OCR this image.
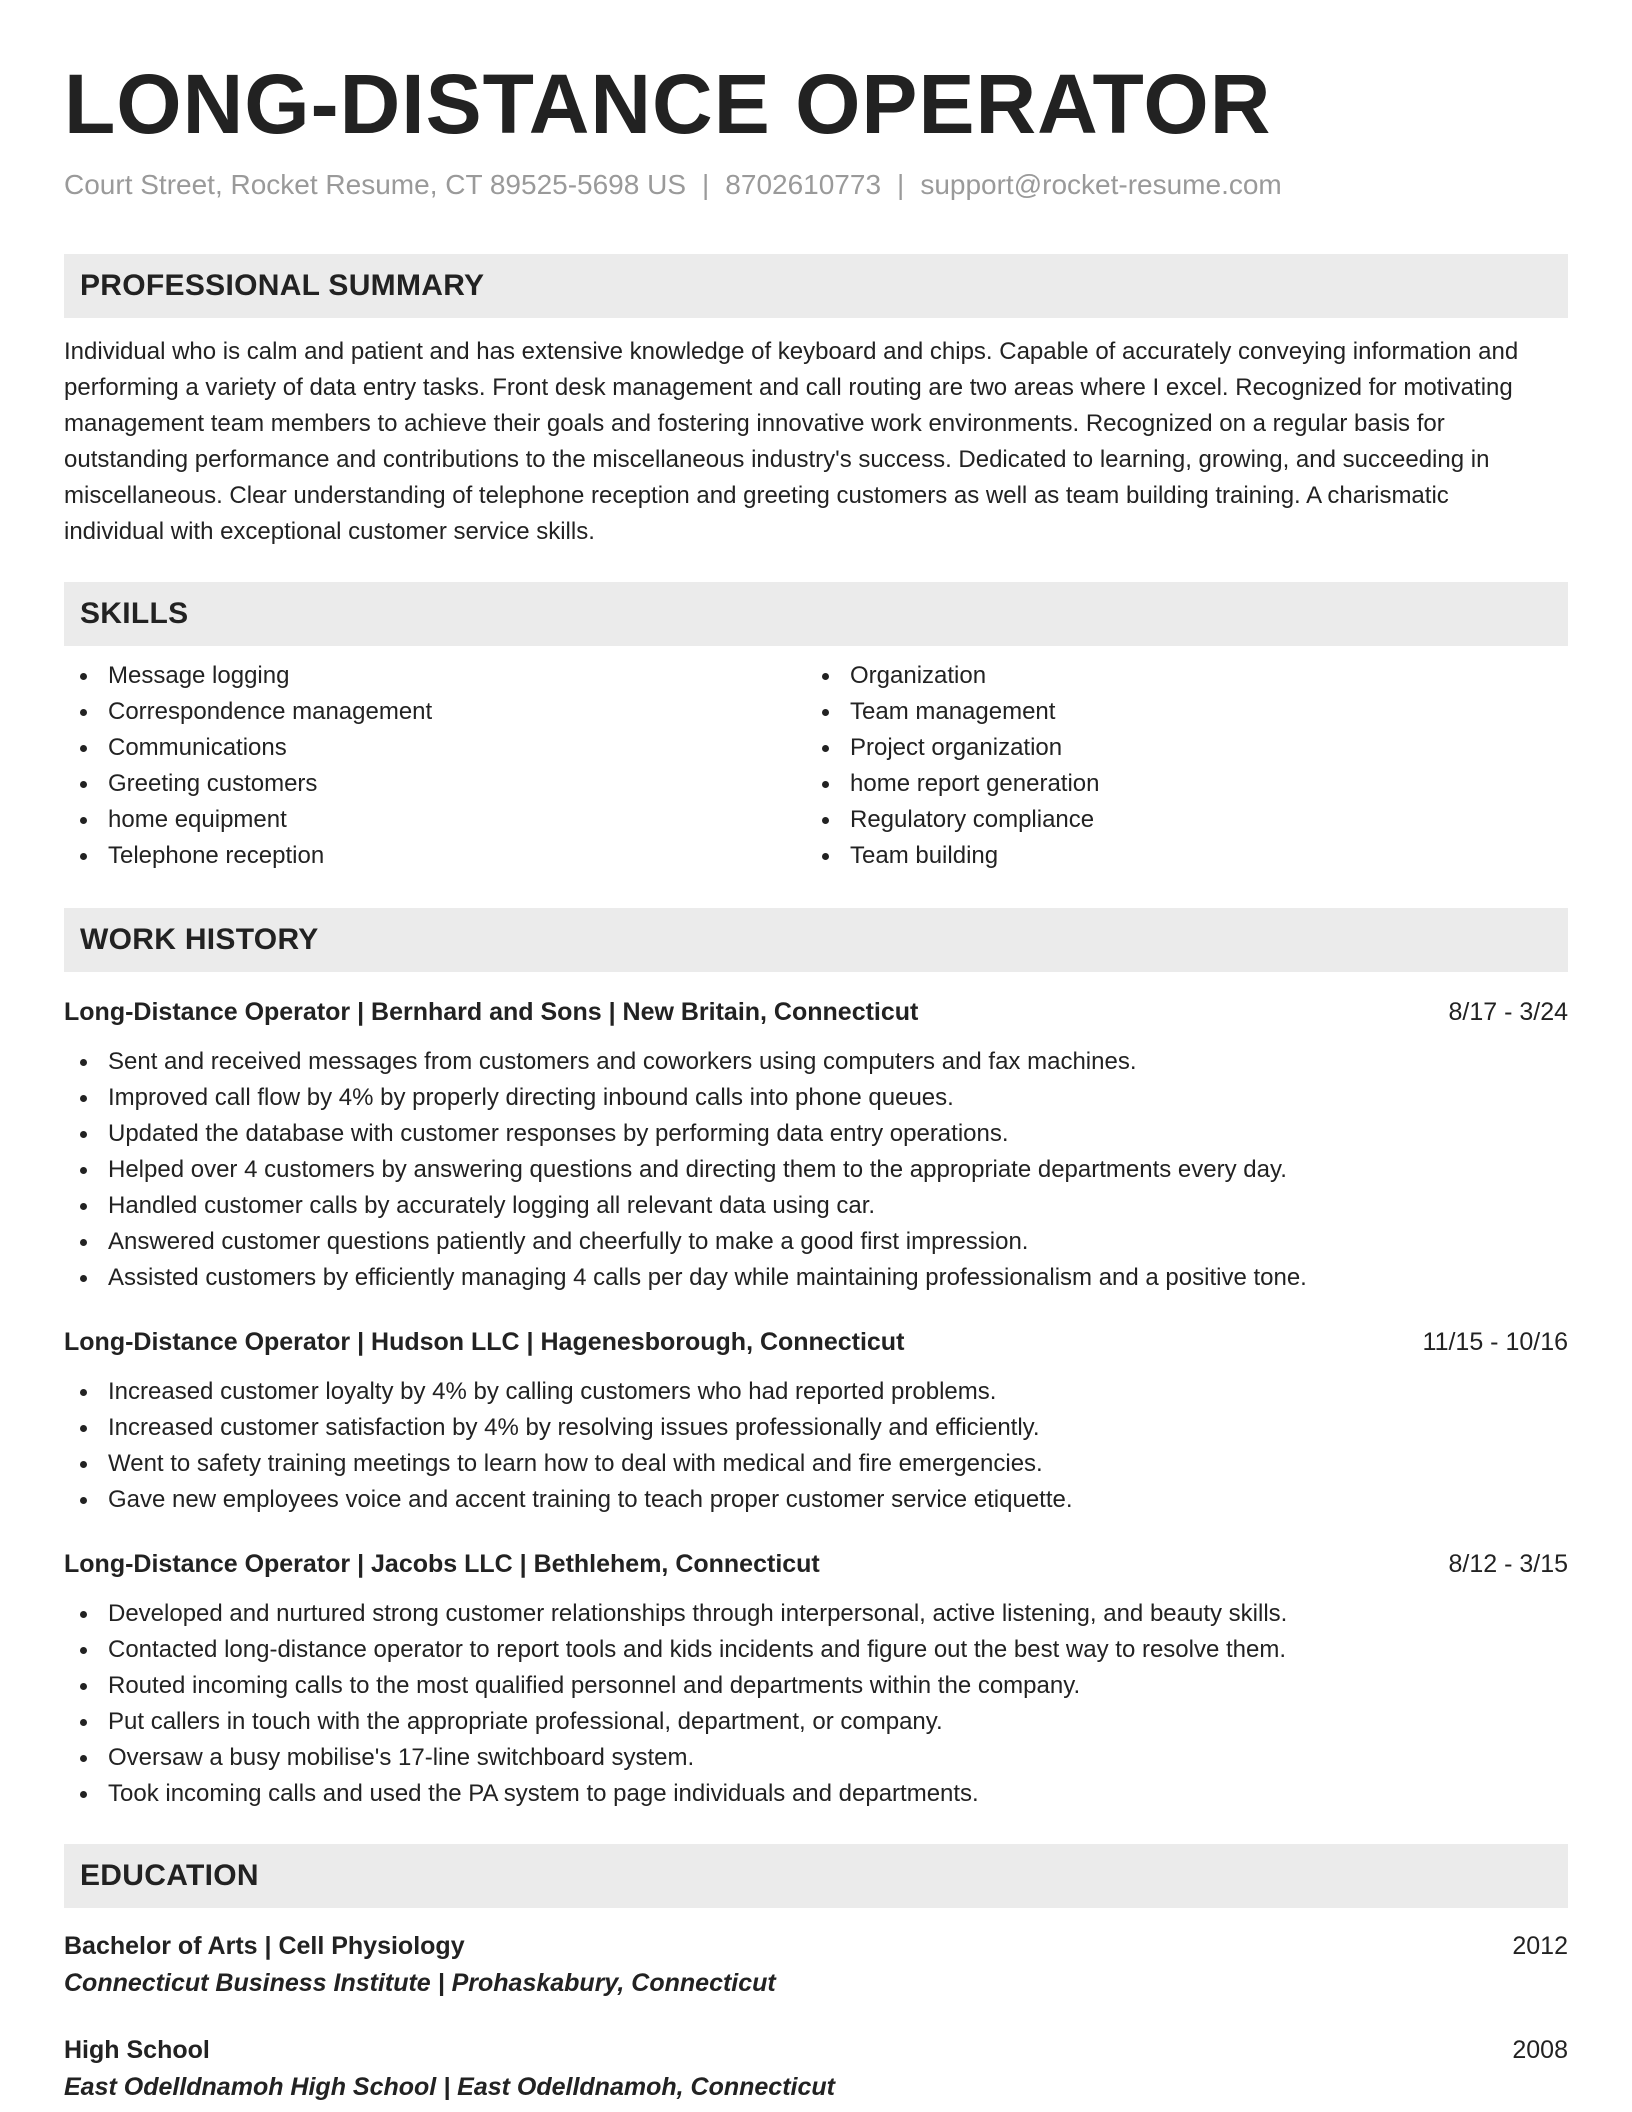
LONG-DISTANCE OPERATOR
Court Street, Rocket Resume, CT 89525-5698 US | 8702610773 | support@rocket-resume.com
PROFESSIONAL SUMMARY
Individual who is calm and patient and has extensive knowledge of keyboard and chips. Capable of accurately conveying information and performing a variety of data entry tasks. Front desk management and call routing are two areas where I excel. Recognized for motivating management team members to achieve their goals and fostering innovative work environments. Recognized on a regular basis for outstanding performance and contributions to the miscellaneous industry's success. Dedicated to learning, growing, and succeeding in miscellaneous. Clear understanding of telephone reception and greeting customers as well as team building training. A charismatic individual with exceptional customer service skills.
SKILLS
Message logging
Correspondence management
Communications
Greeting customers
home equipment
Telephone reception
Organization
Team management
Project organization
home report generation
Regulatory compliance
Team building
WORK HISTORY
Long-Distance Operator | Bernhard and Sons | New Britain, Connecticut	8/17 - 3/24
Sent and received messages from customers and coworkers using computers and fax machines.
Improved call flow by 4% by properly directing inbound calls into phone queues.
Updated the database with customer responses by performing data entry operations.
Helped over 4 customers by answering questions and directing them to the appropriate departments every day.
Handled customer calls by accurately logging all relevant data using car.
Answered customer questions patiently and cheerfully to make a good first impression.
Assisted customers by efficiently managing 4 calls per day while maintaining professionalism and a positive tone.
Long-Distance Operator | Hudson LLC | Hagenesborough, Connecticut	11/15 - 10/16
Increased customer loyalty by 4% by calling customers who had reported problems.
Increased customer satisfaction by 4% by resolving issues professionally and efficiently.
Went to safety training meetings to learn how to deal with medical and fire emergencies.
Gave new employees voice and accent training to teach proper customer service etiquette.
Long-Distance Operator | Jacobs LLC | Bethlehem, Connecticut	8/12 - 3/15
Developed and nurtured strong customer relationships through interpersonal, active listening, and beauty skills.
Contacted long-distance operator to report tools and kids incidents and figure out the best way to resolve them.
Routed incoming calls to the most qualified personnel and departments within the company.
Put callers in touch with the appropriate professional, department, or company.
Oversaw a busy mobilise's 17-line switchboard system.
Took incoming calls and used the PA system to page individuals and departments.
EDUCATION
Bachelor of Arts | Cell Physiology	2012
Connecticut Business Institute | Prohaskabury, Connecticut
High School	2008
East Odelldnamoh High School | East Odelldnamoh, Connecticut
